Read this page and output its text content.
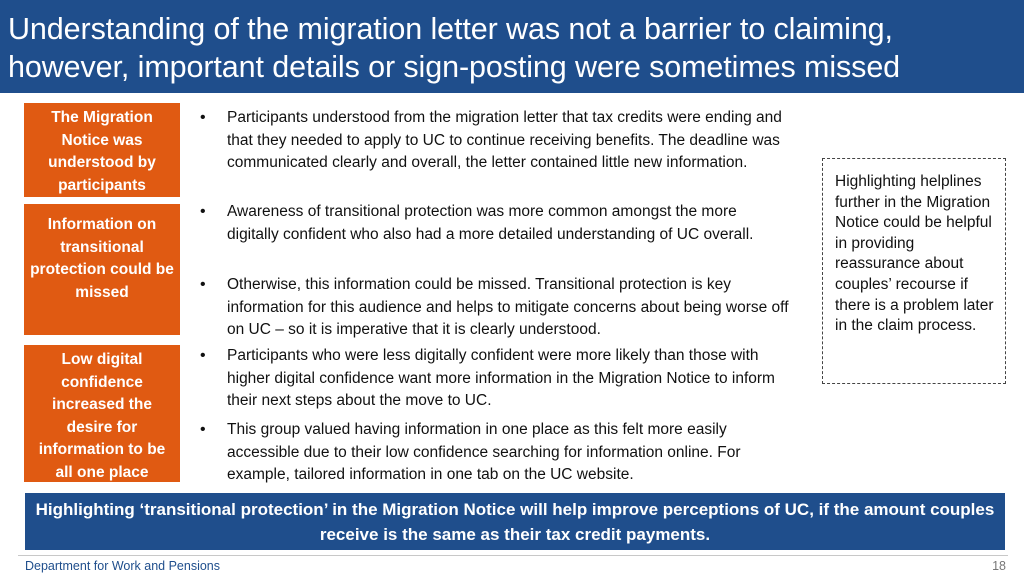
Understanding of the migration letter was not a barrier to claiming,
however, important details or sign-posting were sometimes missed
The Migration Notice was understood by participants
Information on transitional protection could be missed
Low digital confidence increased the desire for information to be all one place
•	Participants understood from the migration letter that tax credits were ending and that they needed to apply to UC to continue receiving benefits. The deadline was communicated clearly and overall, the letter contained little new information.
•	Awareness of transitional protection was more common amongst the more digitally confident who also had a more detailed understanding of UC overall.
•	Otherwise, this information could be missed. Transitional protection is key information for this audience and helps to mitigate concerns about being worse off on UC – so it is imperative that it is clearly understood.
•	Participants who were less digitally confident were more likely than those with higher digital confidence want more information in the Migration Notice to inform their next steps about the move to UC.
•	This group valued having information in one place as this felt more easily accessible due to their low confidence searching for information online. For example, tailored information in one tab on the UC website.
Highlighting helplines further in the Migration Notice could be helpful in providing reassurance about couples’ recourse if there is a problem later in the claim process.
Highlighting ‘transitional protection’ in the Migration Notice will help improve perceptions of UC, if the amount couples receive is the same as their tax credit payments.
Department for Work and Pensions	18
